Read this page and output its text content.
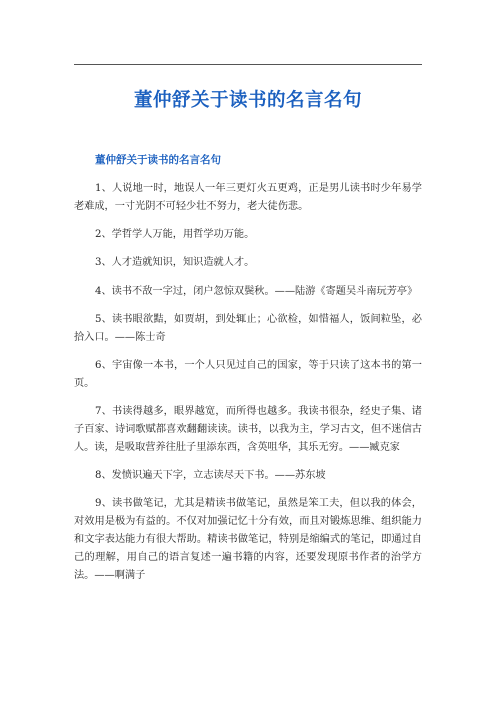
董仲舒关于读书的名言名句
董仲舒关于读书的名言名句

1、人说地一时，地误人一年三更灯火五更鸡，正是男儿读书时少年易学老难成，一寸光阴不可轻少壮不努力，老大徒伤悲。

2、学哲学人万能，用哲学功万能。

3、人才造就知识，知识造就人才。

4、读书不敌一字过，闭户忽惊双鬓秋。——陆游《寄题吴斗南玩芳亭》

5、读书眼欲黠，如贾胡，到处辄止；心欲检，如惜福人，饭间粒坠，必拾入口。——陈士奇

6、宇宙像一本书，一个人只见过自己的国家，等于只读了这本书的第一页。

7、书读得越多，眼界越宽，而所得也越多。我读书很杂，经史子集、诸子百家、诗词歌赋都喜欢翻翻读读。读书，以我为主，学习古文，但不迷信古人。读，是吸取营养往肚子里添东西，含英咀华，其乐无穷。——臧克家

8、发愤识遍天下字，立志读尽天下书。——苏东坡

9、读书做笔记，尤其是精读书做笔记，虽然是笨工夫，但以我的体会，对效用是极为有益的。不仅对加强记忆十分有效，而且对锻炼思维、组织能力和文字表达能力有很大帮助。精读书做笔记，特别是缩编式的笔记，即通过自己的理解，用自己的语言复述一遍书籍的内容，还要发现原书作者的治学方法。——啊满子
